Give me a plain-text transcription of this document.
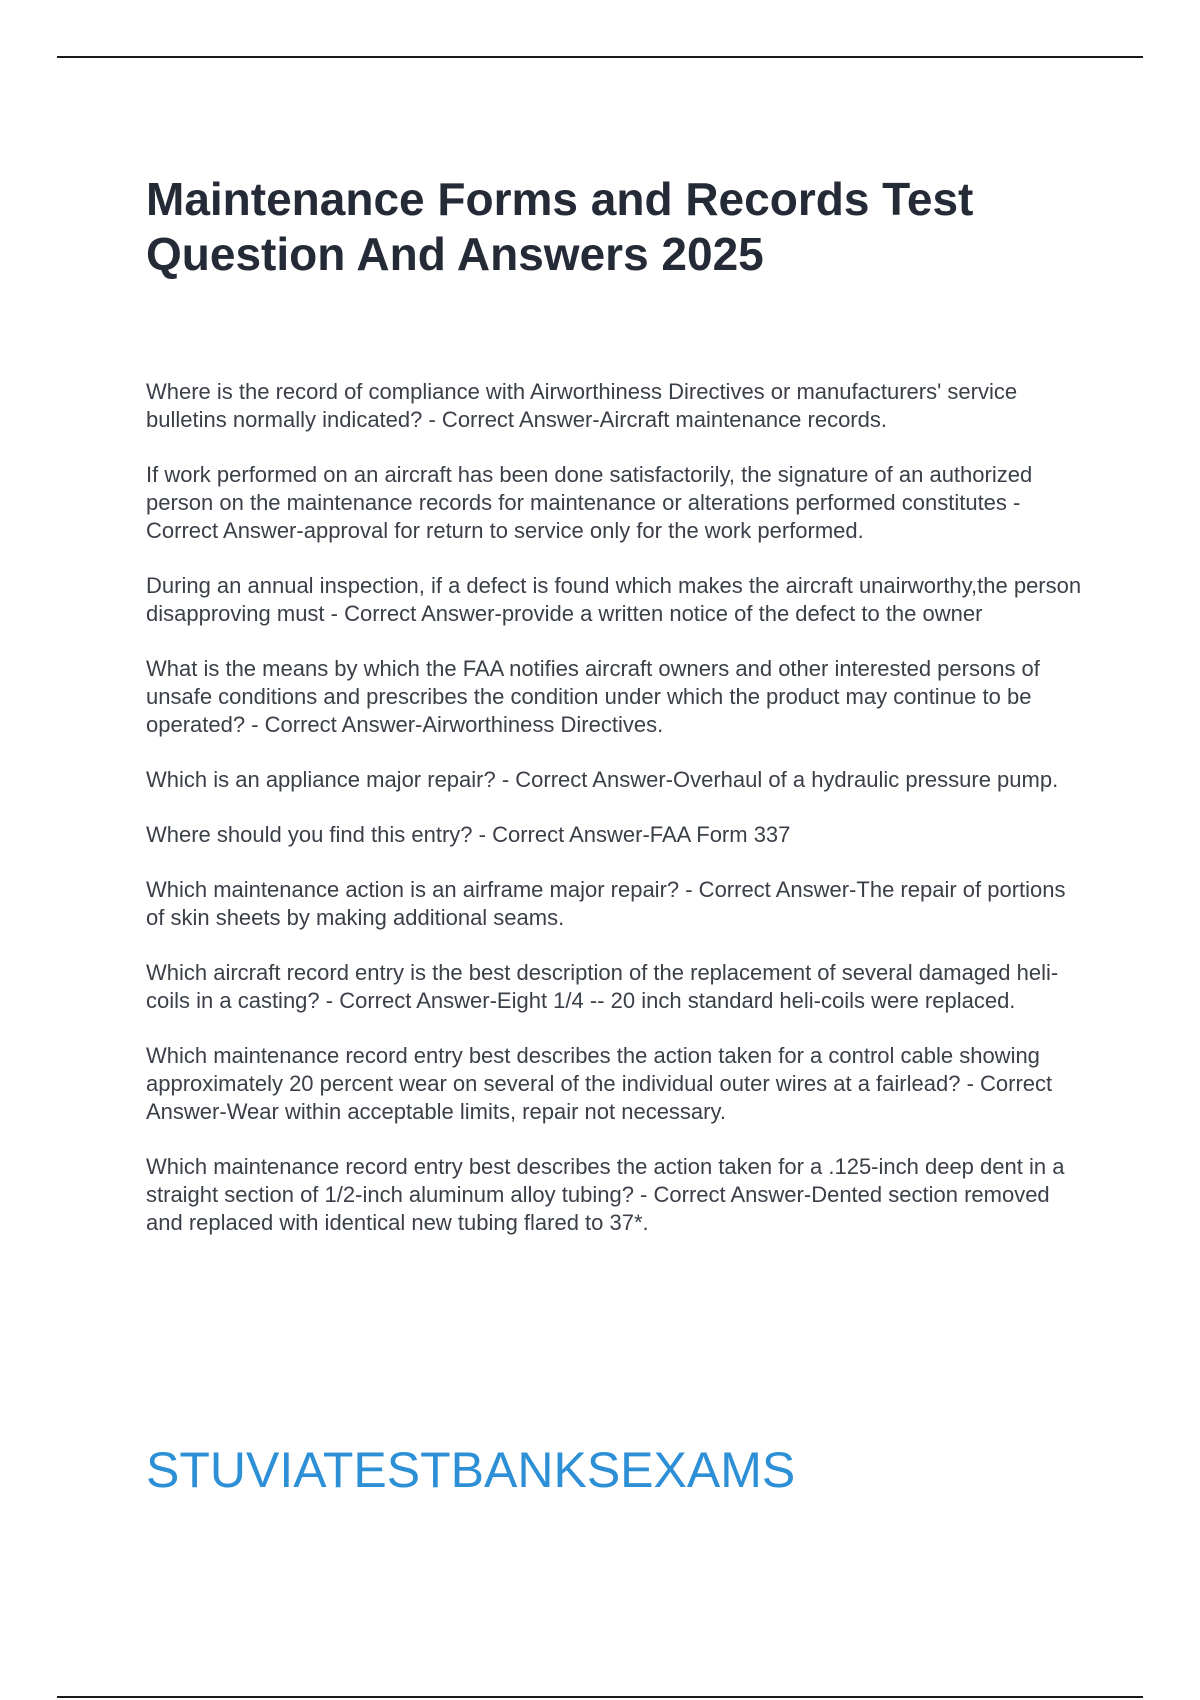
Maintenance Forms and Records Test
Question And Answers 2025

Where is the record of compliance with Airworthiness Directives or manufacturers' service bulletins normally indicated? - Correct Answer-Aircraft maintenance records.

If work performed on an aircraft has been done satisfactorily, the signature of an authorized person on the maintenance records for maintenance or alterations performed constitutes - Correct Answer-approval for return to service only for the work performed.

During an annual inspection, if a defect is found which makes the aircraft unairworthy,the person disapproving must - Correct Answer-provide a written notice of the defect to the owner

What is the means by which the FAA notifies aircraft owners and other interested persons of unsafe conditions and prescribes the condition under which the product may continue to be operated? - Correct Answer-Airworthiness Directives.

Which is an appliance major repair? - Correct Answer-Overhaul of a hydraulic pressure pump.

Where should you find this entry? - Correct Answer-FAA Form 337

Which maintenance action is an airframe major repair? - Correct Answer-The repair of portions of skin sheets by making additional seams.

Which aircraft record entry is the best description of the replacement of several damaged heli-coils in a casting? - Correct Answer-Eight 1/4 -- 20 inch standard heli-coils were replaced.

Which maintenance record entry best describes the action taken for a control cable showing approximately 20 percent wear on several of the individual outer wires at a fairlead? - Correct Answer-Wear within acceptable limits, repair not necessary.

Which maintenance record entry best describes the action taken for a .125-inch deep dent in a straight section of 1/2-inch aluminum alloy tubing? - Correct Answer-Dented section removed and replaced with identical new tubing flared to 37*.

STUVIATESTBANKSEXAMS
